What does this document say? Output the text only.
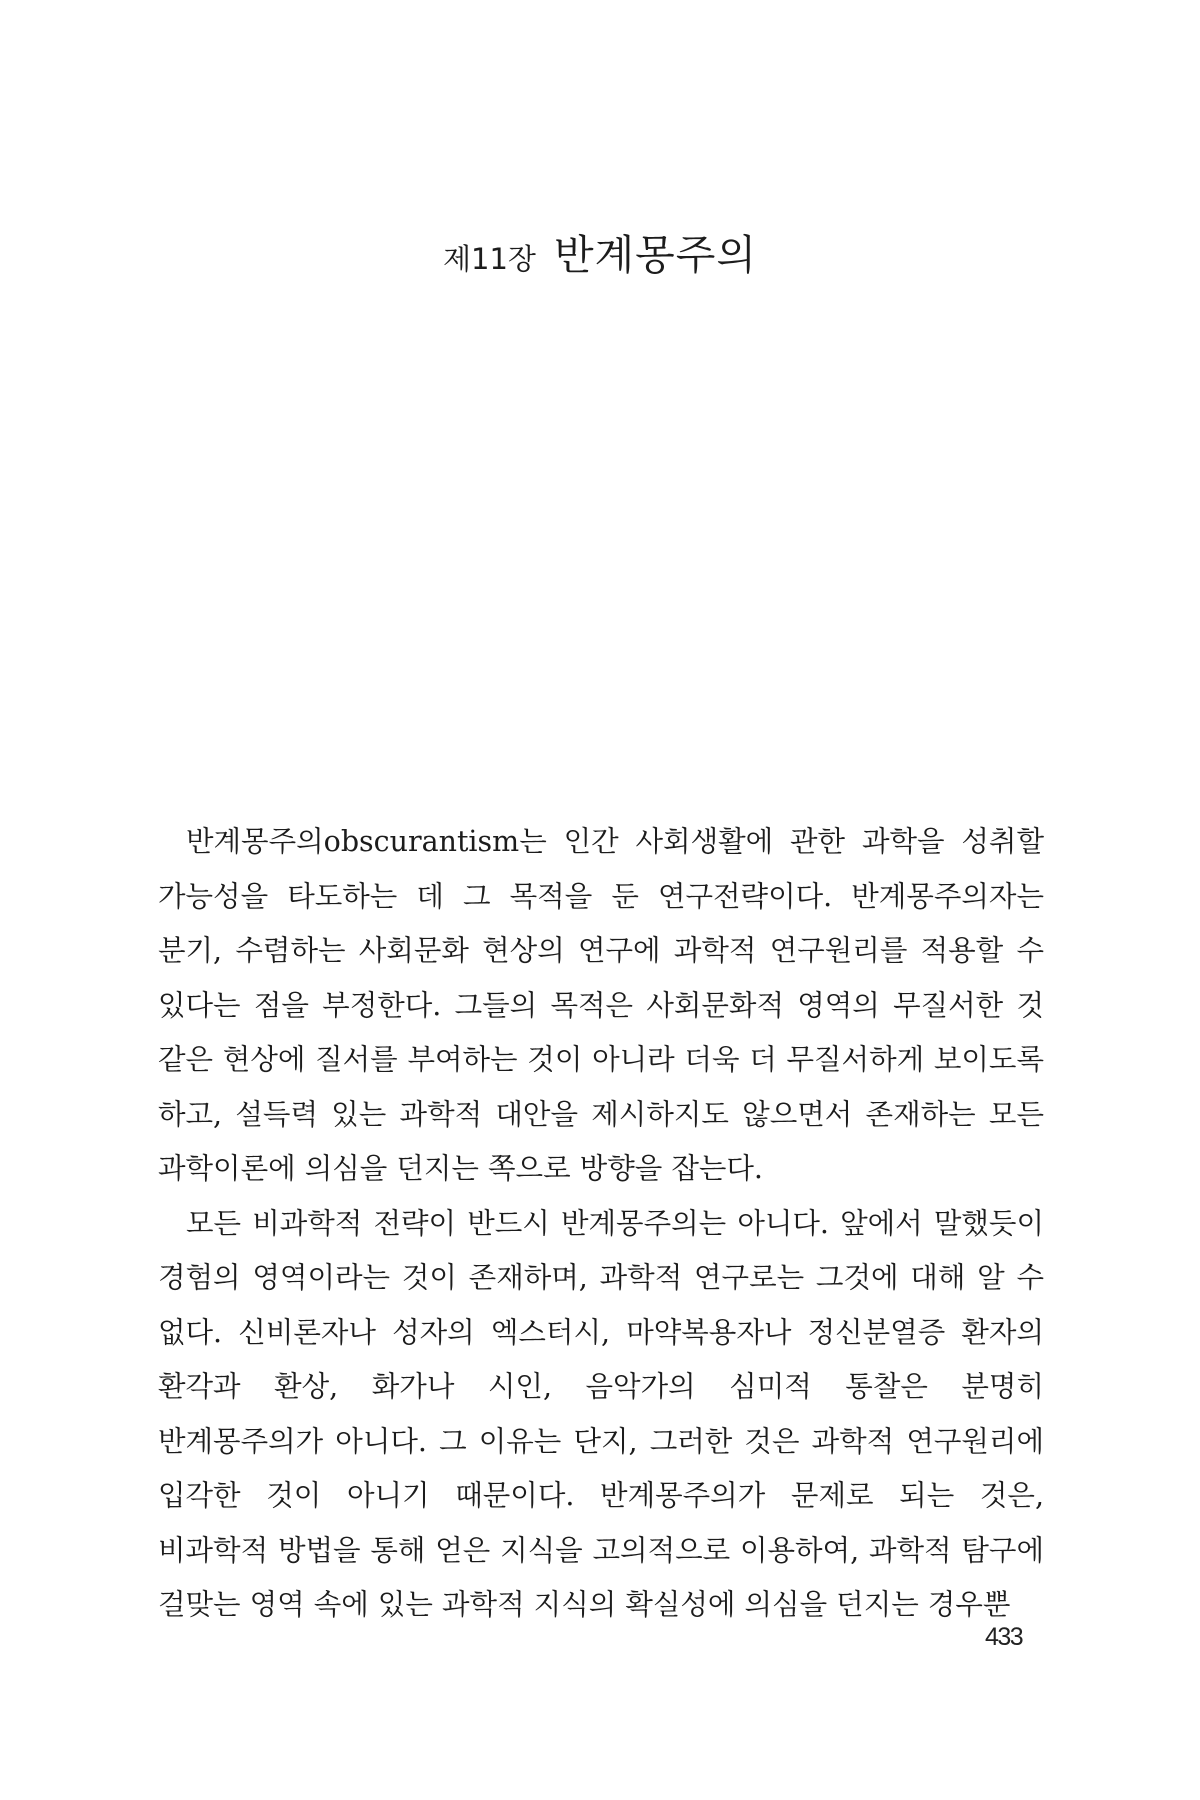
제11장 반계몽주의

반계몽주의obscurantism는 인간 사회생활에 관한 과학을 성취할 가능성을 타도하는 데 그 목적을 둔 연구전략이다. 반계몽주의자는 분기, 수렴하는 사회문화 현상의 연구에 과학적 연구원리를 적용할 수 있다는 점을 부정한다. 그들의 목적은 사회문화적 영역의 무질서한 것 같은 현상에 질서를 부여하는 것이 아니라 더욱 더 무질서하게 보이도록 하고, 설득력 있는 과학적 대안을 제시하지도 않으면서 존재하는 모든 과학이론에 의심을 던지는 쪽으로 방향을 잡는다.

모든 비과학적 전략이 반드시 반계몽주의는 아니다. 앞에서 말했듯이 경험의 영역이라는 것이 존재하며, 과학적 연구로는 그것에 대해 알 수 없다. 신비론자나 성자의 엑스터시, 마약복용자나 정신분열증 환자의 환각과 환상, 화가나 시인, 음악가의 심미적 통찰은 분명히 반계몽주의가 아니다. 그 이유는 단지, 그러한 것은 과학적 연구원리에 입각한 것이 아니기 때문이다. 반계몽주의가 문제로 되는 것은, 비과학적 방법을 통해 얻은 지식을 고의적으로 이용하여, 과학적 탐구에 걸맞는 영역 속에 있는 과학적 지식의 확실성에 의심을 던지는 경우뿐

433
